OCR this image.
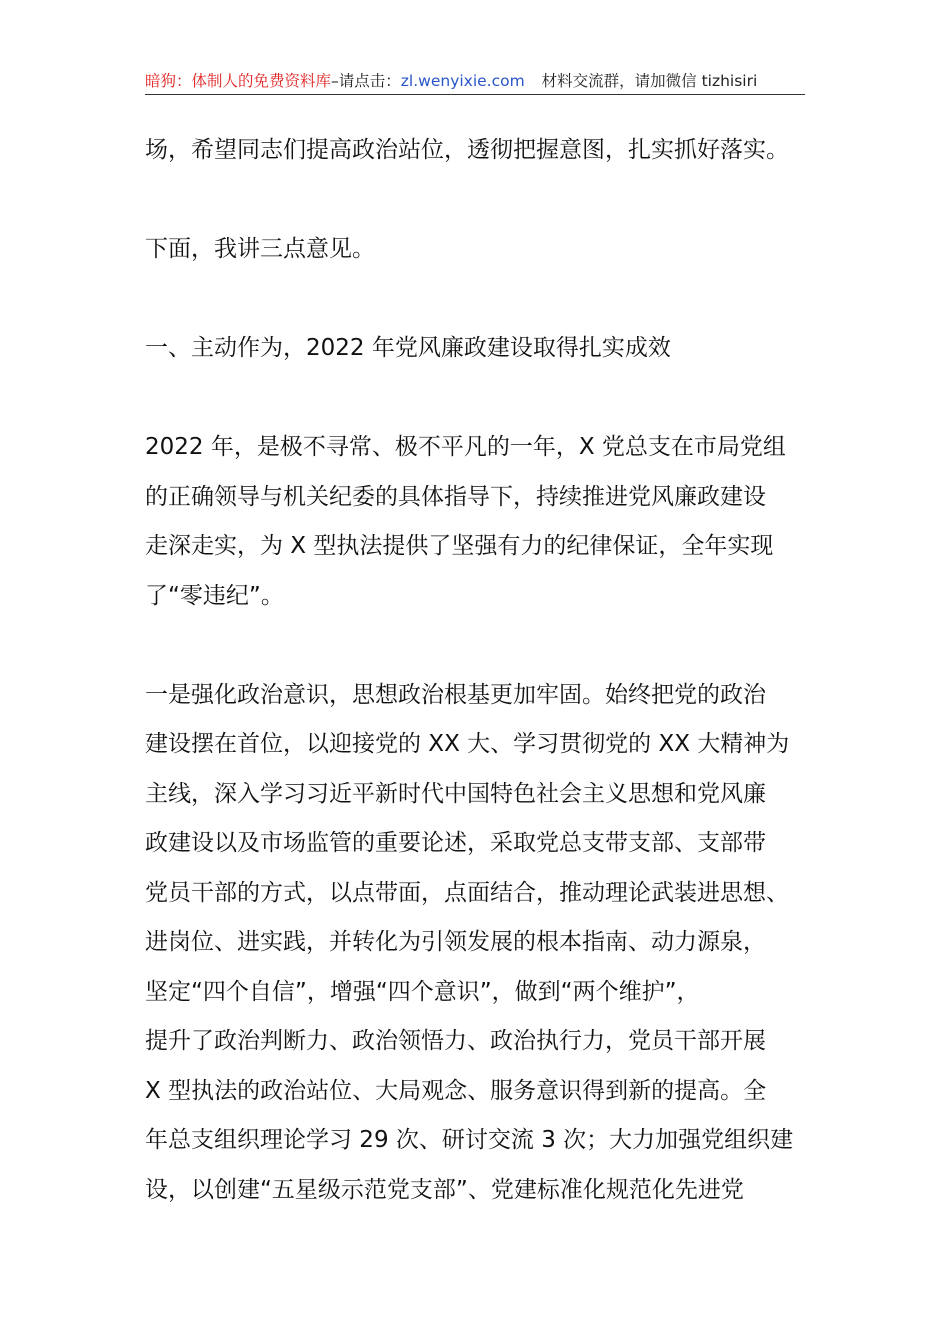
暗狗：体制人的免费资料库–请点击：zl.wenyixie.com 材料交流群，请加微信 tizhisiri
场，希望同志们提高政治站位，透彻把握意图，扎实抓好落实。
下面，我讲三点意见。
一、主动作为，2022 年党风廉政建设取得扎实成效
2022 年，是极不寻常、极不平凡的一年，X 党总支在市局党组
的正确领导与机关纪委的具体指导下，持续推进党风廉政建设
走深走实，为 X 型执法提供了坚强有力的纪律保证，全年实现
了“零违纪”。
一是强化政治意识，思想政治根基更加牢固。始终把党的政治
建设摆在首位，以迎接党的 XX 大、学习贯彻党的 XX 大精神为
主线，深入学习习近平新时代中国特色社会主义思想和党风廉
政建设以及市场监管的重要论述，采取党总支带支部、支部带
党员干部的方式，以点带面，点面结合，推动理论武装进思想、
进岗位、进实践，并转化为引领发展的根本指南、动力源泉，
坚定“四个自信”，增强“四个意识”，做到“两个维护”，
提升了政治判断力、政治领悟力、政治执行力，党员干部开展
X 型执法的政治站位、大局观念、服务意识得到新的提高。全
年总支组织理论学习 29 次、研讨交流 3 次；大力加强党组织建
设，以创建“五星级示范党支部”、党建标准化规范化先进党
